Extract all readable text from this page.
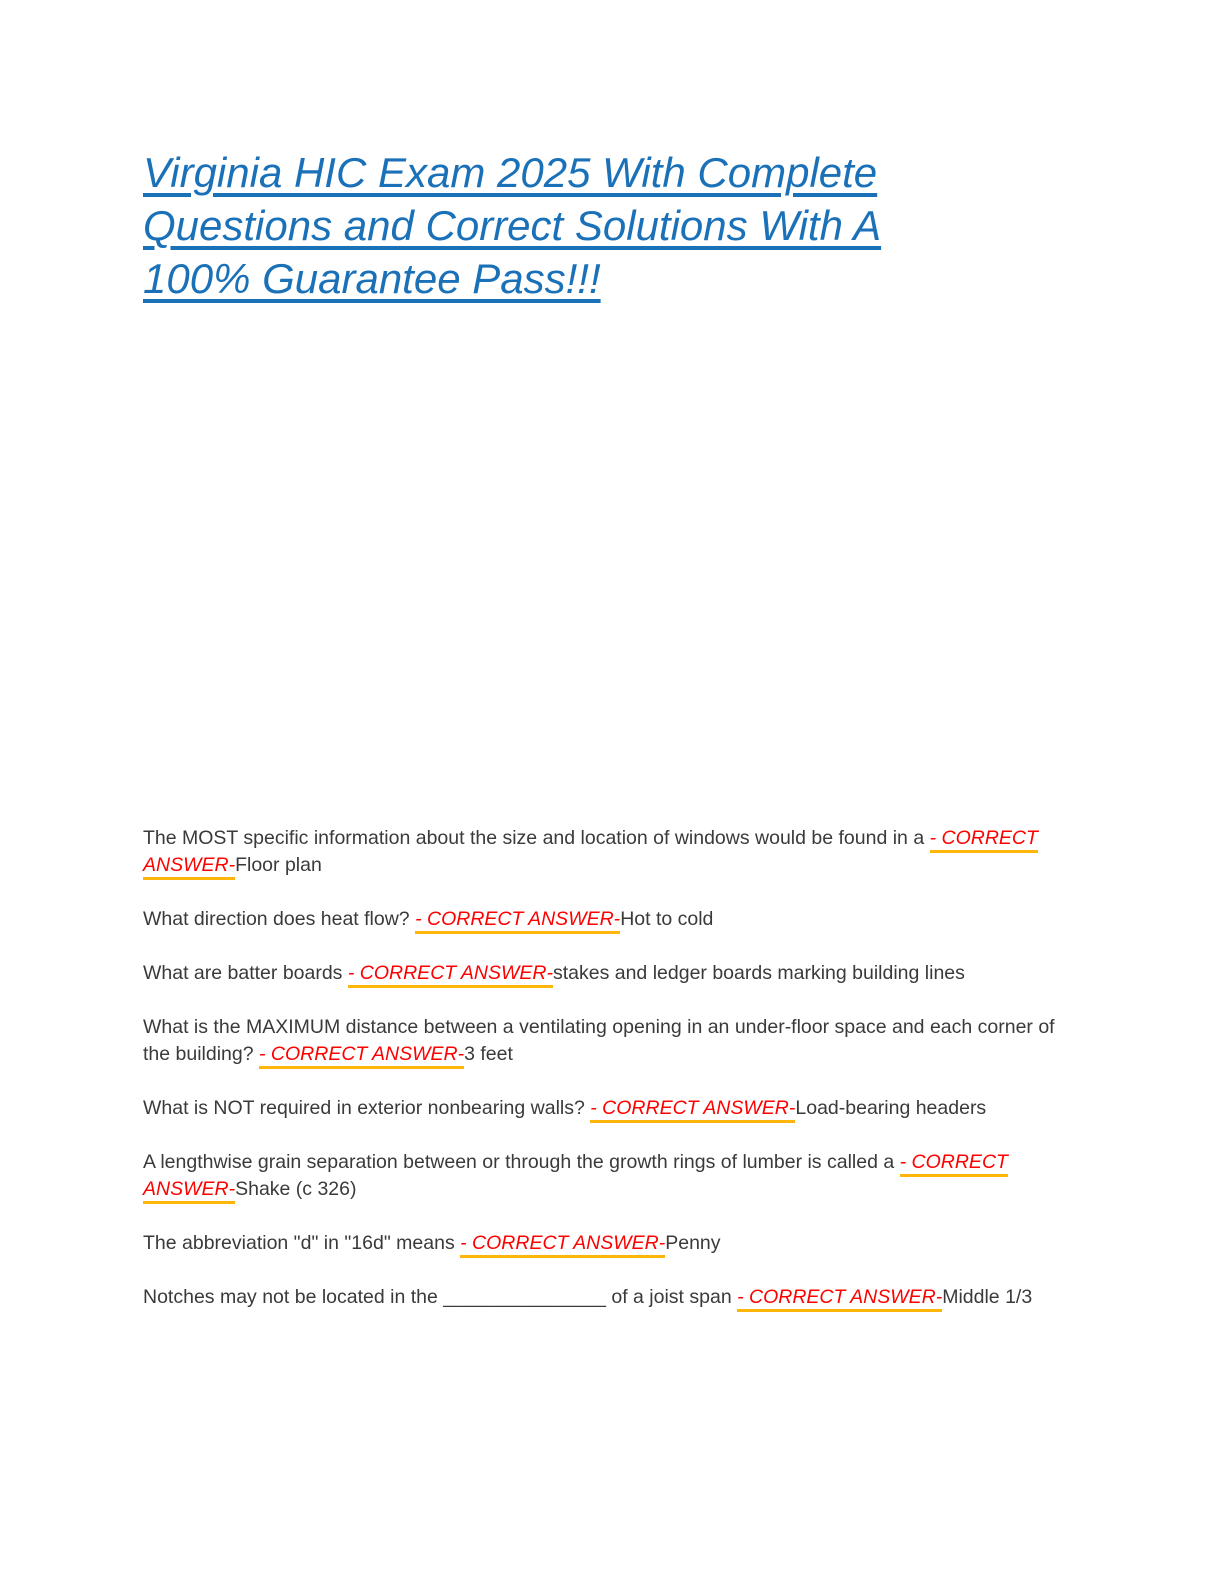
Virginia HIC Exam 2025 With Complete
Questions and Correct Solutions With A
100% Guarantee Pass!!!

The MOST specific information about the size and location of windows would be found in a - CORRECT ANSWER-Floor plan

What direction does heat flow? - CORRECT ANSWER-Hot to cold

What are batter boards - CORRECT ANSWER-stakes and ledger boards marking building lines

What is the MAXIMUM distance between a ventilating opening in an under-floor space and each corner of the building? - CORRECT ANSWER-3 feet

What is NOT required in exterior nonbearing walls? - CORRECT ANSWER-Load-bearing headers

A lengthwise grain separation between or through the growth rings of lumber is called a - CORRECT ANSWER-Shake (c 326)

The abbreviation "d" in "16d" means - CORRECT ANSWER-Penny

Notches may not be located in the _______________ of a joist span - CORRECT ANSWER-Middle 1/3
